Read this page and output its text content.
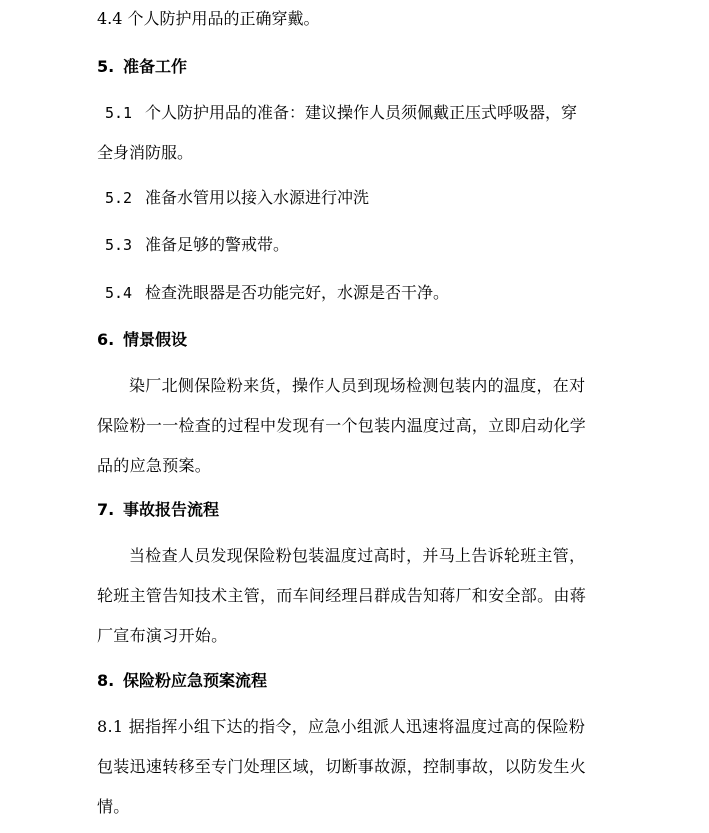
4.4 个人防护用品的正确穿戴。
5. 准备工作
5.1 个人防护用品的准备：建议操作人员须佩戴正压式呼吸器，穿
全身消防服。
5.2 准备水管用以接入水源进行冲洗
5.3 准备足够的警戒带。
5.4 检查洗眼器是否功能完好，水源是否干净。
6. 情景假设
染厂北侧保险粉来货，操作人员到现场检测包装内的温度，在对
保险粉一一检查的过程中发现有一个包装内温度过高，立即启动化学
品的应急预案。
7. 事故报告流程
当检查人员发现保险粉包装温度过高时，并马上告诉轮班主管，
轮班主管告知技术主管，而车间经理吕群成告知蒋厂和安全部。由蒋
厂宣布演习开始。
8. 保险粉应急预案流程
8.1 据指挥小组下达的指令，应急小组派人迅速将温度过高的保险粉
包装迅速转移至专门处理区域，切断事故源，控制事故，以防发生火
情。
